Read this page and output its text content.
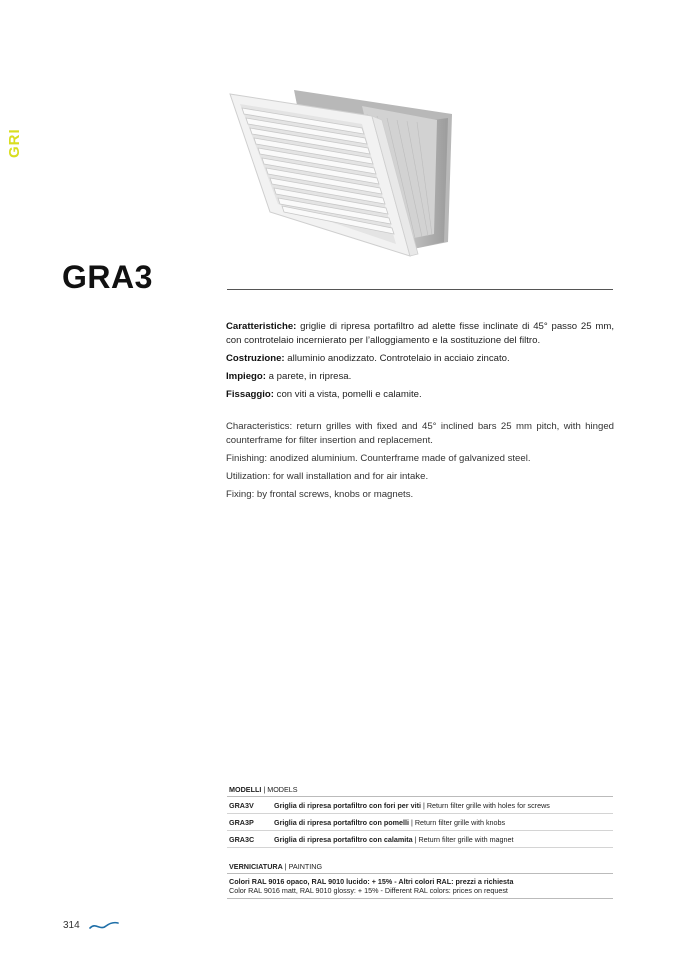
GRI
GRA3

Caratteristiche: griglie di ripresa portafiltro ad alette fisse inclinate di 45° passo 25 mm, con controtelaio incernierato per l’alloggiamento e la sostituzione del filtro.

Costruzione: alluminio anodizzato. Controtelaio in acciaio zincato.

Impiego: a parete, in ripresa.

Fissaggio: con viti a vista, pomelli e calamite.

Characteristics: return grilles with fixed and 45° inclined bars 25 mm pitch, with hinged counterframe for filter insertion and replacement.

Finishing: anodized aluminium. Counterframe made of galvanized steel.

Utilization: for wall installation and for air intake.

Fixing: by frontal screws, knobs or magnets.

MODELLI | MODELS
GRA3V	Griglia di ripresa portafiltro con fori per viti | Return filter grille with holes for screws
GRA3P	Griglia di ripresa portafiltro con pomelli | Return filter grille with knobs
GRA3C	Griglia di ripresa portafiltro con calamita | Return filter grille with magnet
VERNICIATURA | PAINTING
Colori RAL 9016 opaco, RAL 9010 lucido: + 15% - Altri colori RAL: prezzi a richiesta
Color RAL 9016 matt, RAL 9010 glossy: + 15% - Different RAL colors: prices on request
314
